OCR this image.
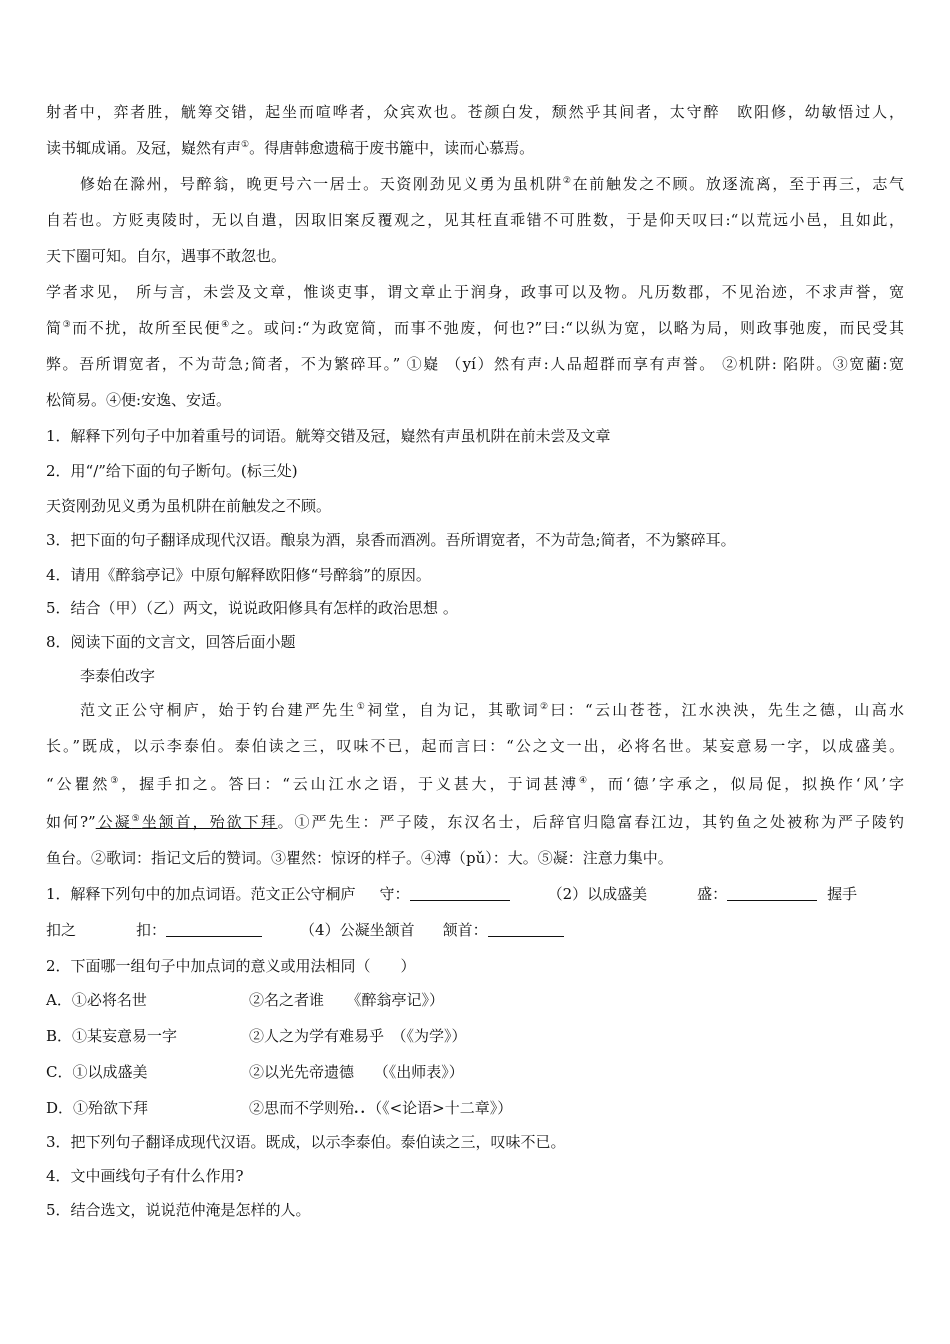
射者中，弈者胜，觥筹交错，起坐而喧哗者，众宾欢也。苍颜白发，颓然乎其间者，太守醉　欧阳修，幼敏悟过人，
读书辄成诵。及冠，嶷然有声①。得唐韩愈遗稿于废书簏中，读而心慕焉。
修始在滁州，号醉翁，晚更号六一居士。天资刚劲见义勇为虽机阱②在前触发之不顾。放逐流离，至于再三，志气
自若也。方贬夷陵时，无以自遣，因取旧案反覆观之，见其枉直乖错不可胜数，于是仰天叹曰:“以荒远小邑，且如此，
天下圈可知。自尔，遇事不敢忽也。
学者求见， 所与言，未尝及文章，惟谈吏事，谓文章止于润身，政事可以及物。凡历数郡，不见治迹，不求声誉，宽
简③而不扰，故所至民便④之。或问:“为政宽简，而事不弛废，何也?”曰:“以纵为宽，以略为局，则政事弛废，而民受其
弊。吾所谓宽者，不为苛急;简者，不为繁碎耳。” ①嶷 （yí）然有声:人品超群而享有声誉。 ②机阱: 陷阱。③宽藺:宽
松简易。④便:安逸、安适。
1．解释下列句子中加着重号的词语。觥筹交错及冠，嶷然有声虽机阱在前未尝及文章
2．用“/”给下面的句子断句。(标三处)
天资刚劲见义勇为虽机阱在前触发之不顾。
3．把下面的句子翻译成现代汉语。酿泉为酒，泉香而酒冽。吾所谓宽者，不为苛急;简者，不为繁碎耳。
4．请用《醉翁亭记》中原句解释欧阳修“号醉翁”的原因。
5．结合（甲）（乙）两文，说说政阳修具有怎样的政治思想 。
8．阅读下面的文言文，回答后面小题
李泰伯改字
范文正公守桐庐，始于钓台建严先生①祠堂，自为记，其歌词②曰：“云山苍苍，江水泱泱，先生之德，山高水
长。”既成，以示李泰伯。泰伯读之三，叹味不已，起而言曰：“公之文一出，必将名世。某妄意易一字，以成盛美。
“公瞿然③，握手扣之。答曰：“云山江水之语，于义甚大，于词甚溥④，而‘德’字承之，似局促，拟换作‘风’字
如何?”公凝⑤坐颔首，殆欲下拜。①严先生：严子陵，东汉名士，后辞官归隐富春江边，其钓鱼之处被称为严子陵钓
鱼台。②歌词：指记文后的赞词。③瞿然：惊讶的样子。④溥（pǔ）：大。⑤凝：注意力集中。
1．解释下列句中的加点词语。范文正公守桐庐 守：	（2）以成盛美	盛：	握手
扣之	扣：	（4）公凝坐颔首 颔首：
2．下面哪一组句子中加点词的意义或用法相同（　　）
A．①必将名世	②名之者谁　　《醉翁亭记》）
B．①某妄意易一字	②人之为学有难易乎　（《为学》）
C．①以成盛美	②以光先帝遗德　 （《出师表》）
D．①殆欲下拜	②思而不学则殆..（《<论语>十二章》）
3．把下列句子翻译成现代汉语。既成，以示李泰伯。泰伯读之三，叹味不已。
4．文中画线句子有什么作用?
5．结合选文，说说范仲淹是怎样的人。
